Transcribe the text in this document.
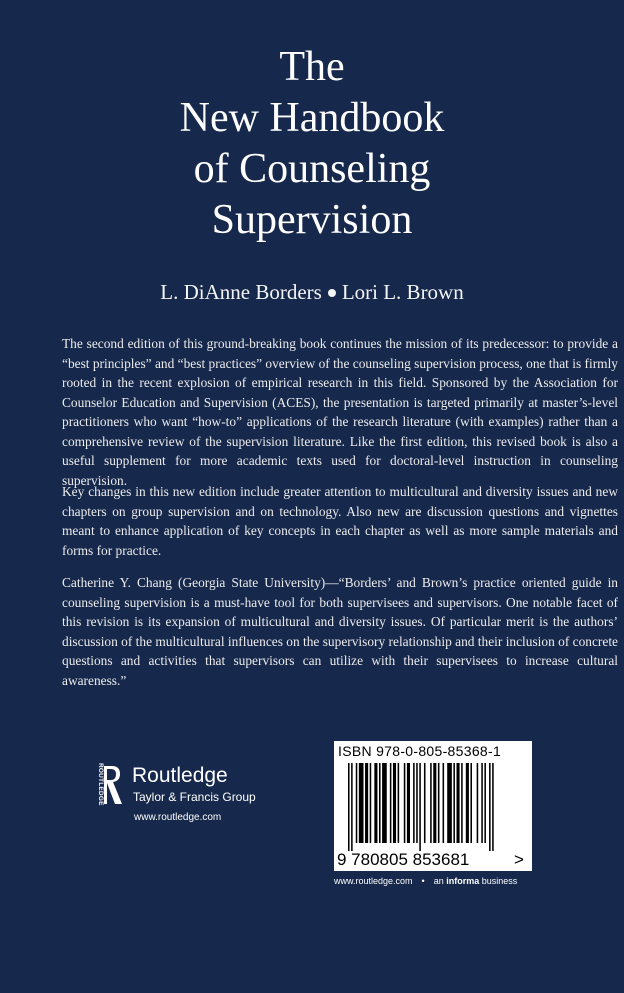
The
New Handbook
of Counseling
Supervision
L. DiAnne Borders Lori L. Brown
The second edition of this ground-breaking book continues the mission of its predecessor: to provide a “best principles” and “best practices” overview of the counseling supervision process, one that is firmly rooted in the recent explosion of empirical research in this field. Sponsored by the Association for Counselor Education and Supervision (ACES), the presentation is targeted primarily at master’s-level practitioners who want “how-to” applications of the research literature (with examples) rather than a comprehensive review of the supervision literature. Like the first edition, this revised book is also a useful supplement for more academic texts used for doctoral-level instruction in counseling supervision.
Key changes in this new edition include greater attention to multicultural and diversity issues and new chapters on group supervision and on technology. Also new are discussion questions and vignettes meant to enhance application of key concepts in each chapter as well as more sample materials and forms for practice.
Catherine Y. Chang (Georgia State University)—“Borders’ and Brown’s practice oriented guide in counseling supervision is a must-have tool for both supervisees and supervisors. One notable facet of this revision is its expansion of multicultural and diversity issues. Of particular merit is the authors’ discussion of the multicultural influences on the supervisory relationship and their inclusion of concrete questions and activities that supervisors can utilize with their supervisees to increase cultural awareness.”
ROUTLEDGE Routledge
Taylor & Francis Group
www.routledge.com
ISBN 978-0-805-85368-1
9 780805 853681	>
www.routledge.com • an informa business
